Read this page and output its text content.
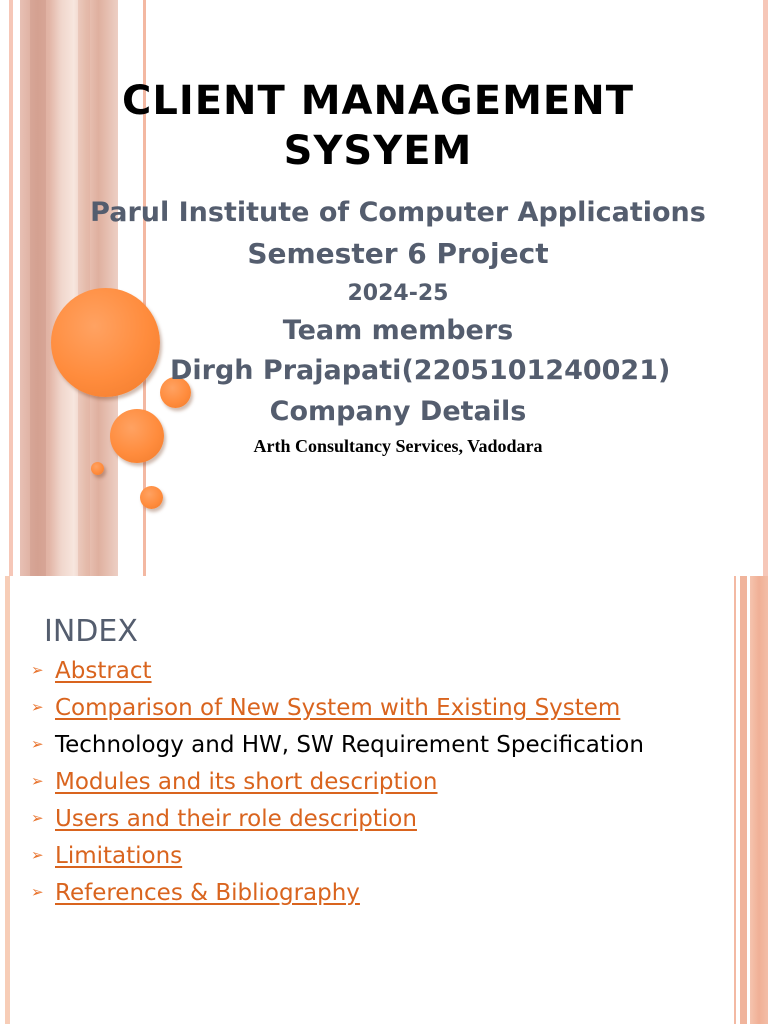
CLIENT MANAGEMENT
SYSYEM
Parul Institute of Computer Applications
Semester 6 Project
2024-25
Team members
Dirgh Prajapati(2205101240021)
Company Details
Arth Consultancy Services, Vadodara
INDEX
➢ Abstract
➢ Comparison of New System with Existing System
➢ Technology and HW, SW Requirement Specification
➢ Modules and its short description
➢ Users and their role description
➢ Limitations
➢ References & Bibliography
